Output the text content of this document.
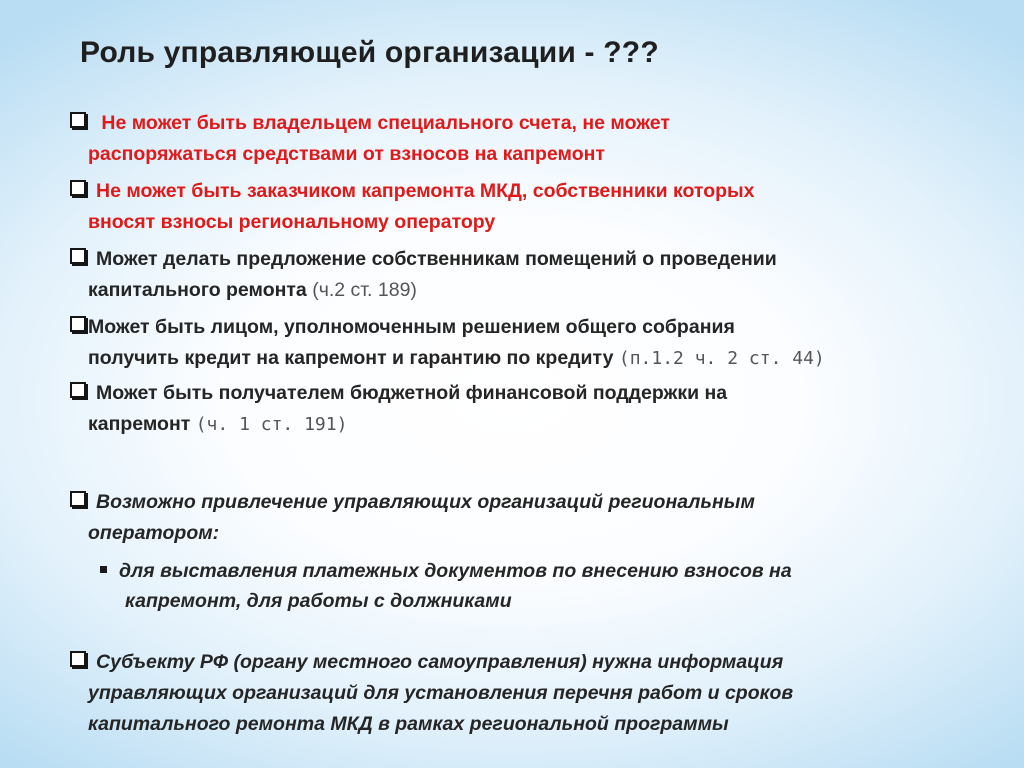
Роль управляющей организации - ???
Не может быть владельцем специального счета, не может
распоряжаться средствами от взносов на капремонт
Не может быть заказчиком капремонта МКД, собственники которых
вносят взносы региональному оператору
Может делать предложение собственникам помещений о проведении
капитального ремонта (ч.2 ст. 189)
Может быть лицом, уполномоченным решением общего собрания
получить кредит на капремонт и гарантию по кредиту (п.1.2 ч. 2 ст. 44)
Может быть получателем бюджетной финансовой поддержки на
капремонт (ч. 1 ст. 191)
Возможно привлечение управляющих организаций региональным
оператором:
для выставления платежных документов по внесению взносов на
капремонт, для работы с должниками
Субъекту РФ (органу местного самоуправления) нужна информация
управляющих организаций для установления перечня работ и сроков
капитального ремонта МКД в рамках региональной программы
